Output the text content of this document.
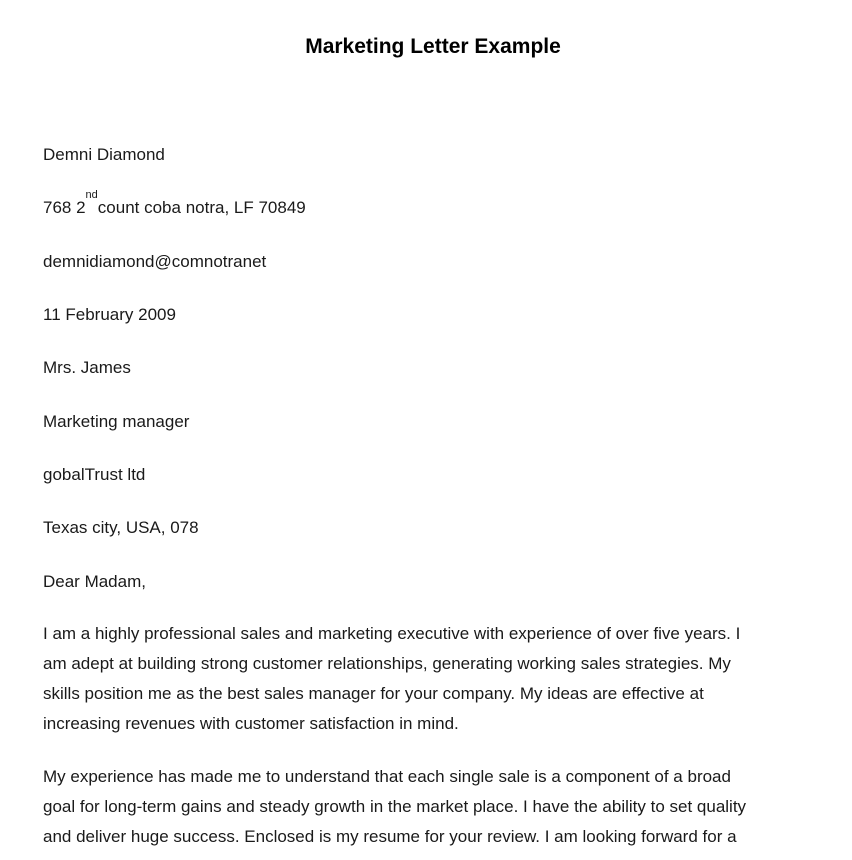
Marketing Letter Example

Demni Diamond

768 2ndcount coba notra, LF 70849

demnidiamond@comnotranet

11 February 2009

Mrs. James

Marketing manager

gobalTrust ltd

Texas city, USA, 078

Dear Madam,

I am a highly professional sales and marketing executive with experience of over five years. I
am adept at building strong customer relationships, generating working sales strategies. My
skills position me as the best sales manager for your company. My ideas are effective at
increasing revenues with customer satisfaction in mind.
My experience has made me to understand that each single sale is a component of a broad
goal for long-term gains and steady growth in the market place. I have the ability to set quality
and deliver huge success. Enclosed is my resume for your review. I am looking forward for a
